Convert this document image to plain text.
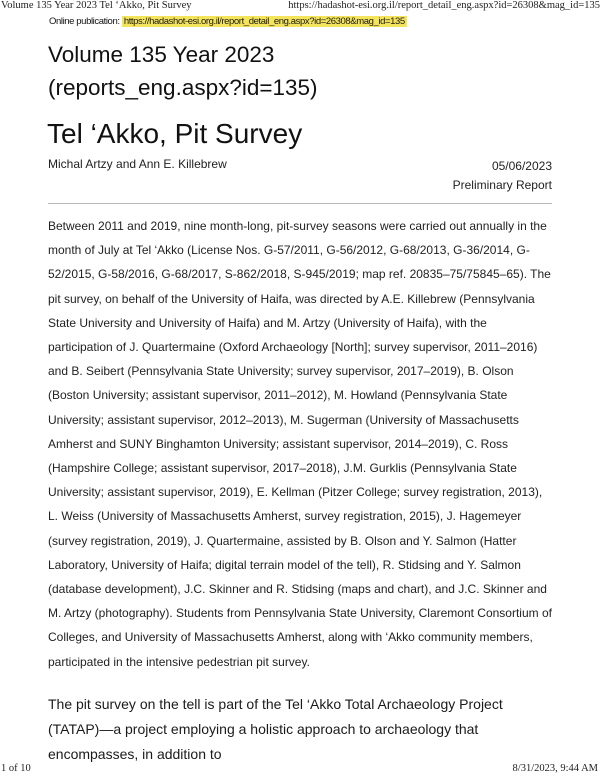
Volume 135 Year 2023 Tel ‘Akko, Pit Survey	https://hadashot-esi.org.il/report_detail_eng.aspx?id=26308&mag_id=135
Online publication: https://hadashot-esi.org.il/report_detail_eng.aspx?id=26308&mag_id=135
Volume 135 Year 2023
(reports_eng.aspx?id=135)
Tel ‘Akko, Pit Survey
Michal Artzy and Ann E. Killebrew	05/06/2023
Preliminary Report

Between 2011 and 2019, nine month-long, pit-survey seasons were carried out annually in the month of July at Tel ‘Akko (License Nos. G-57/2011, G-56/2012, G-68/2013, G-36/2014, G-52/2015, G-58/2016, G-68/2017, S-862/2018, S-945/2019; map ref. 20835–75/75845–65). The pit survey, on behalf of the University of Haifa, was directed by A.E. Killebrew (Pennsylvania State University and University of Haifa) and M. Artzy (University of Haifa), with the participation of J. Quartermaine (Oxford Archaeology [North]; survey supervisor, 2011–2016) and B. Seibert (Pennsylvania State University; survey supervisor, 2017–2019), B. Olson (Boston University; assistant supervisor, 2011–2012), M. Howland (Pennsylvania State University; assistant supervisor, 2012–2013), M. Sugerman (University of Massachusetts Amherst and SUNY Binghamton University; assistant supervisor, 2014–2019), C. Ross (Hampshire College; assistant supervisor, 2017–2018), J.M. Gurklis (Pennsylvania State University; assistant supervisor, 2019), E. Kellman (Pitzer College; survey registration, 2013), L. Weiss (University of Massachusetts Amherst, survey registration, 2015), J. Hagemeyer (survey registration, 2019), J. Quartermaine, assisted by B. Olson and Y. Salmon (Hatter Laboratory, University of Haifa; digital terrain model of the tell), R. Stidsing and Y. Salmon (database development), J.C. Skinner and R. Stidsing (maps and chart), and J.C. Skinner and M. Artzy (photography). Students from Pennsylvania State University, Claremont Consortium of Colleges, and University of Massachusetts Amherst, along with ‘Akko community members, participated in the intensive pedestrian pit survey.

The pit survey on the tell is part of the Tel ‘Akko Total Archaeology Project (TATAP)—a project employing a holistic approach to archaeology that encompasses, in addition to

1 of 10	8/31/2023, 9:44 AM
